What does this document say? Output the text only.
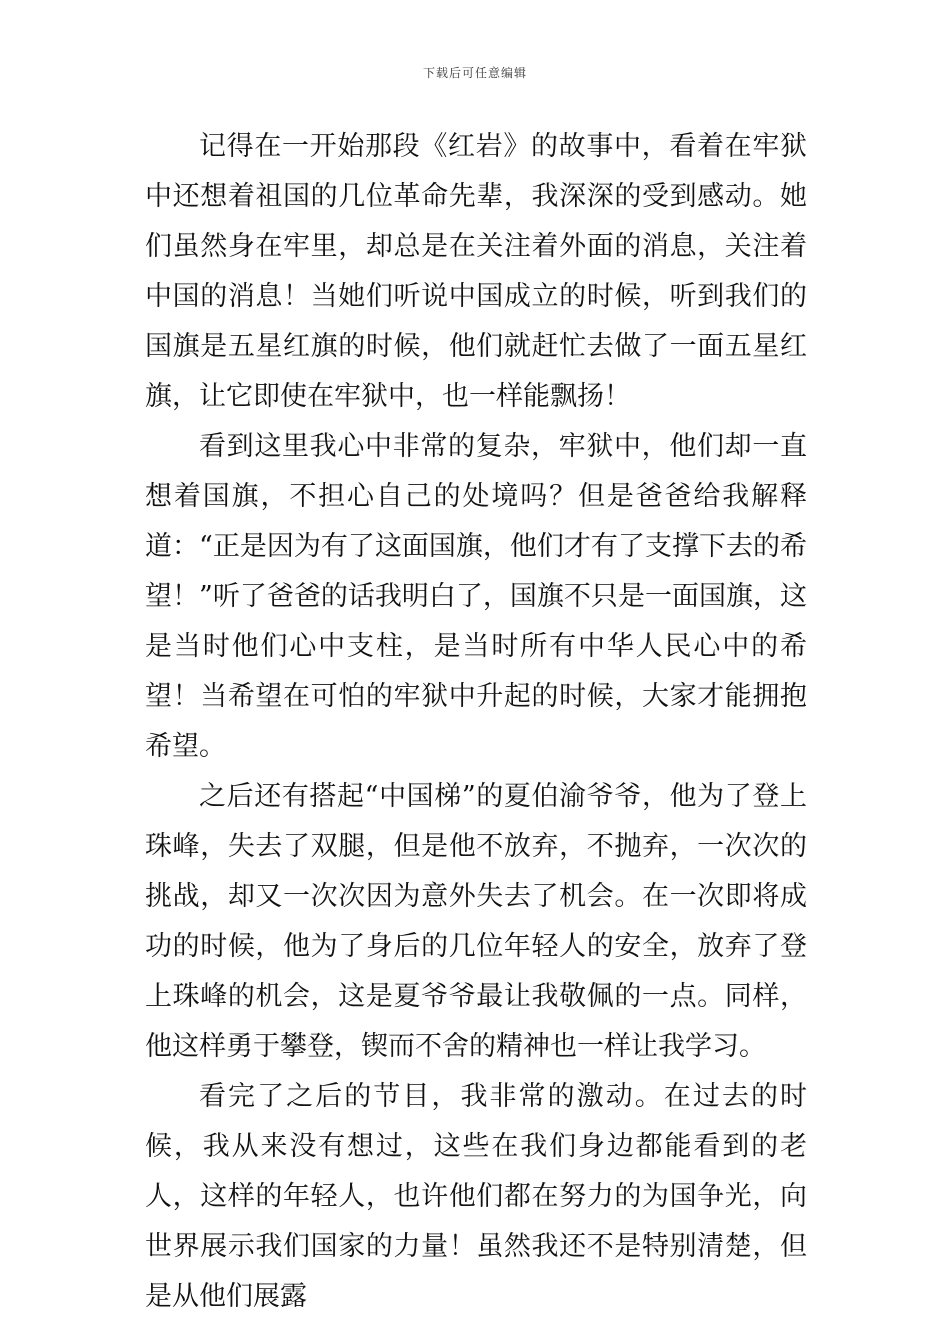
下载后可任意编辑

记得在一开始那段《红岩》的故事中，看着在牢狱中还想着祖国的几位革命先辈，我深深的受到感动。她们虽然身在牢里，却总是在关注着外面的消息，关注着中国的消息！当她们听说中国成立的时候，听到我们的国旗是五星红旗的时候，他们就赶忙去做了一面五星红旗，让它即使在牢狱中，也一样能飘扬！

看到这里我心中非常的复杂，牢狱中，他们却一直想着国旗，不担心自己的处境吗？但是爸爸给我解释道：“正是因为有了这面国旗，他们才有了支撑下去的希望！”听了爸爸的话我明白了，国旗不只是一面国旗，这是当时他们心中支柱，是当时所有中华人民心中的希望！当希望在可怕的牢狱中升起的时候，大家才能拥抱希望。

之后还有搭起“中国梯”的夏伯渝爷爷，他为了登上珠峰，失去了双腿，但是他不放弃，不抛弃，一次次的挑战，却又一次次因为意外失去了机会。在一次即将成功的时候，他为了身后的几位年轻人的安全，放弃了登上珠峰的机会，这是夏爷爷最让我敬佩的一点。同样，他这样勇于攀登，锲而不舍的精神也一样让我学习。

看完了之后的节目，我非常的激动。在过去的时候，我从来没有想过，这些在我们身边都能看到的老人，这样的年轻人，也许他们都在努力的为国争光，向世界展示我们国家的力量！虽然我还不是特别清楚，但是从他们展露
